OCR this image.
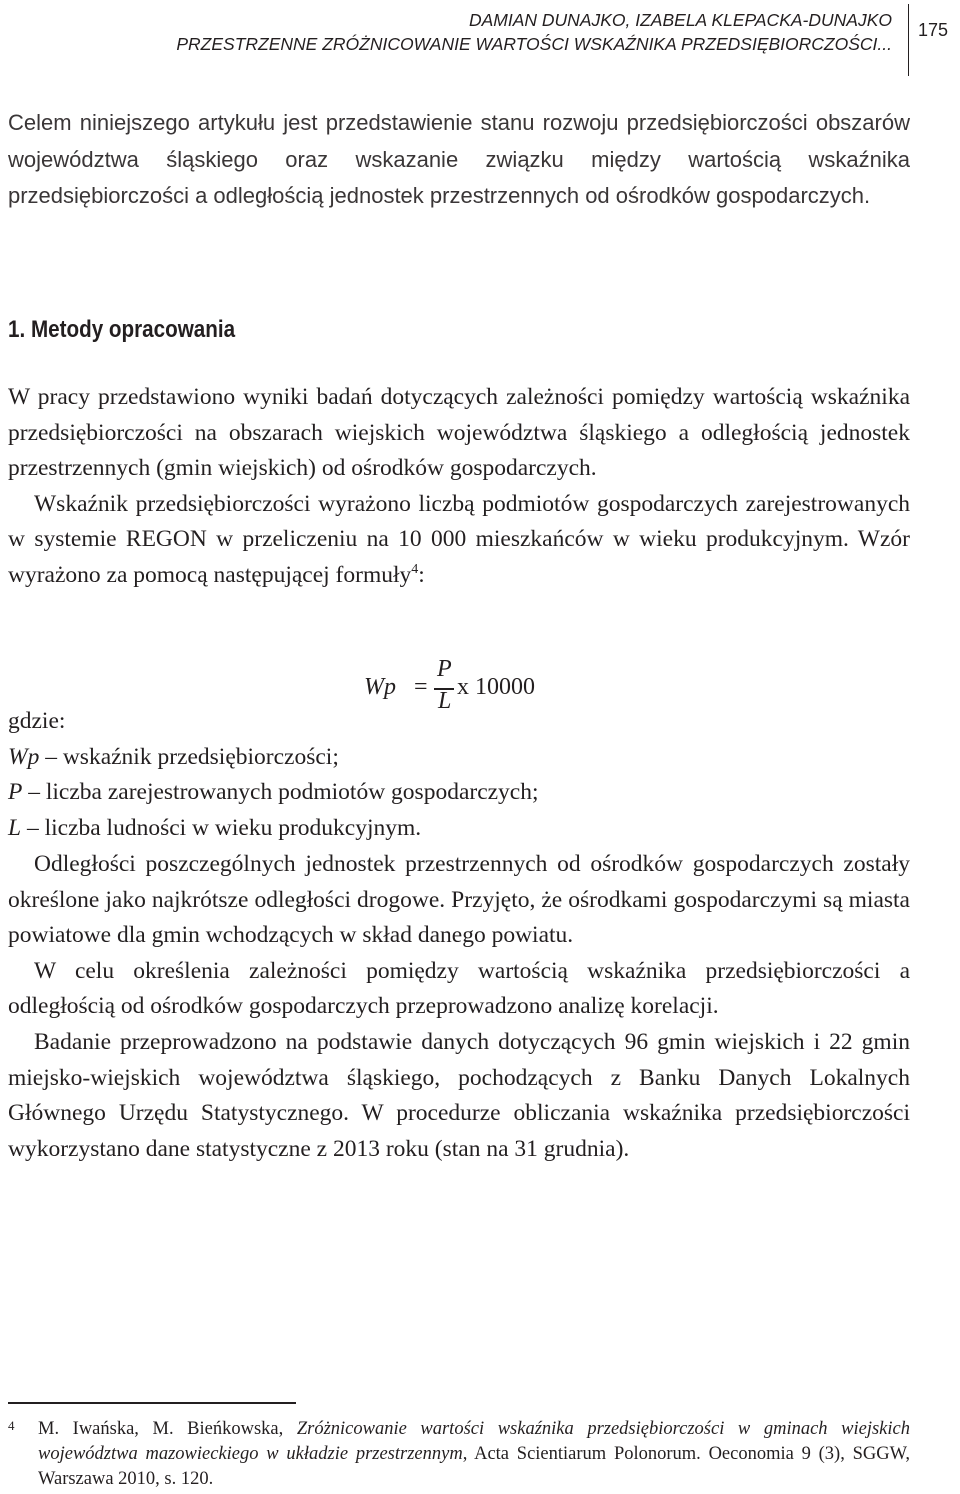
DAMIAN DUNAJKO, IZABELA KLEPACKA-DUNAJKO
PRZESTRZENNE ZRÓŻNICOWANIE WARTOŚCI WSKAŹNIKA PRZEDSIĘBIORCZOŚCI...
175
Celem niniejszego artykułu jest przedstawienie stanu rozwoju przedsiębiorczości obszarów województwa śląskiego oraz wskazanie związku między wartością wskaźnika przedsiębiorczości a odległością jednostek przestrzennych od ośrodków gospodarczych.
1. Metody opracowania

W pracy przedstawiono wyniki badań dotyczących zależności pomiędzy wartością wskaźnika przedsiębiorczości na obszarach wiejskich województwa śląskiego a odległością jednostek przestrzennych (gmin wiejskich) od ośrodków gospodarczych.

Wskaźnik przedsiębiorczości wyrażono liczbą podmiotów gospodarczych zarejestrowanych w systemie REGON w przeliczeniu na 10 000 mieszkańców w wieku produkcyjnym. Wzór wyrażono za pomocą następującej formuły$^4$:

Wp =
P
L
x 10000

gdzie:

Wp – wskaźnik przedsiębiorczości;

P – liczba zarejestrowanych podmiotów gospodarczych;

L – liczba ludności w wieku produkcyjnym.

Odległości poszczególnych jednostek przestrzennych od ośrodków gospodarczych zostały określone jako najkrótsze odległości drogowe. Przyjęto, że ośrodkami gospodarczymi są miasta powiatowe dla gmin wchodzących w skład danego powiatu.

W celu określenia zależności pomiędzy wartością wskaźnika przedsiębiorczości a odległością od ośrodków gospodarczych przeprowadzono analizę korelacji.

Badanie przeprowadzono na podstawie danych dotyczących 96 gmin wiejskich i 22 gmin miejsko-wiejskich województwa śląskiego, pochodzących z Banku Danych Lokalnych Głównego Urzędu Statystycznego. W procedurze obliczania wskaźnika przedsiębiorczości wykorzystano dane statystyczne z 2013 roku (stan na 31 grudnia).

4 M. Iwańska, M. Bieńkowska, Zróżnicowanie wartości wskaźnika przedsiębiorczości w gminach wiejskich województwa mazowieckiego w układzie przestrzennym, Acta Scientiarum Polonorum. Oeconomia 9 (3), SGGW, Warszawa 2010, s. 120.
